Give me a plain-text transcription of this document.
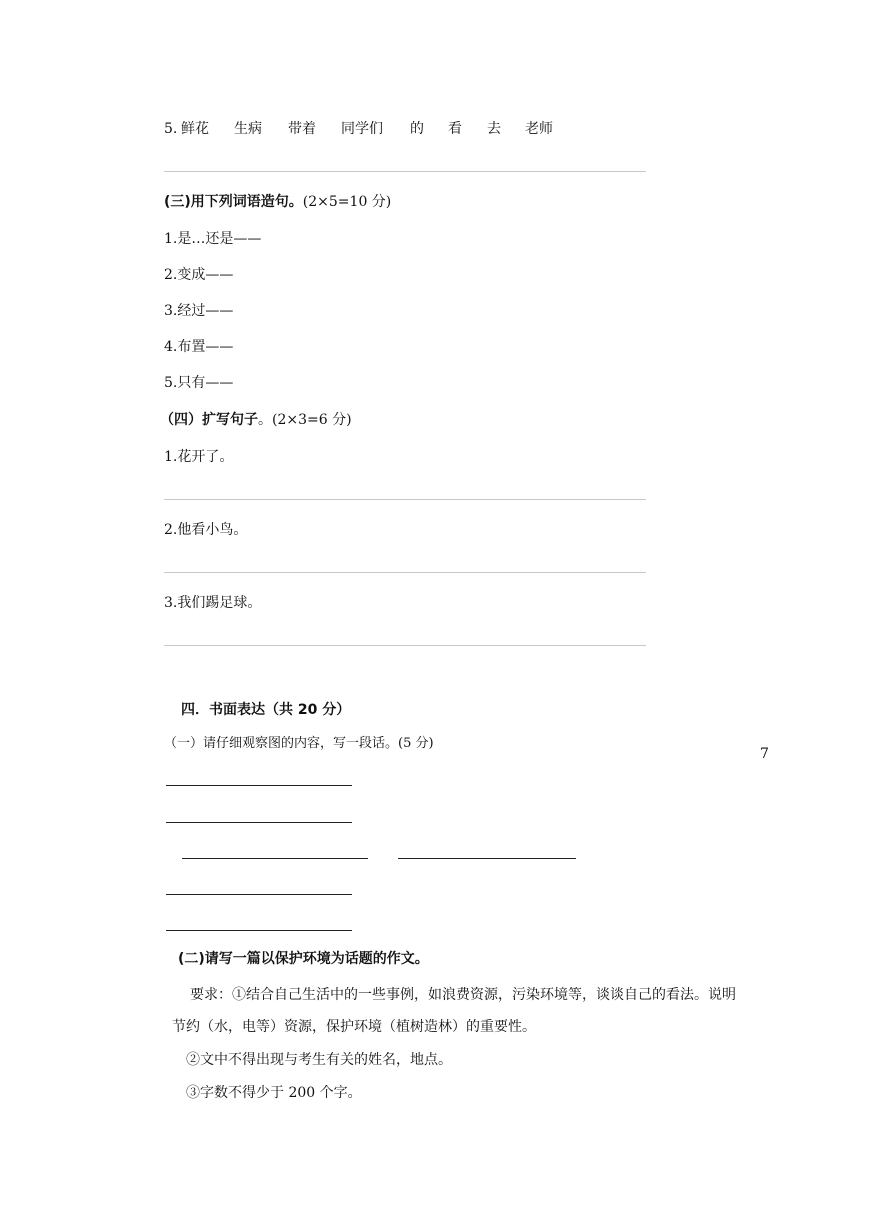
5. 鲜花 生病 带着 同学们 的 看 去 老师
(三)用下列词语造句。(2×5=10 分)
1.是…还是——
2.变成——
3.经过——
4.布置——
5.只有——
（四）扩写句子。(2×3=6 分)
1.花开了。
2.他看小鸟。
3.我们踢足球。
四．书面表达（共 20 分）
（一）请仔细观察图的内容，写一段话。(5 分)
7
(二)请写一篇以保护环境为话题的作文。
要求：①结合自己生活中的一些事例，如浪费资源，污染环境等，谈谈自己的看法。说明
节约（水，电等）资源，保护环境（植树造林）的重要性。
②文中不得出现与考生有关的姓名，地点。
③字数不得少于 200 个字。
